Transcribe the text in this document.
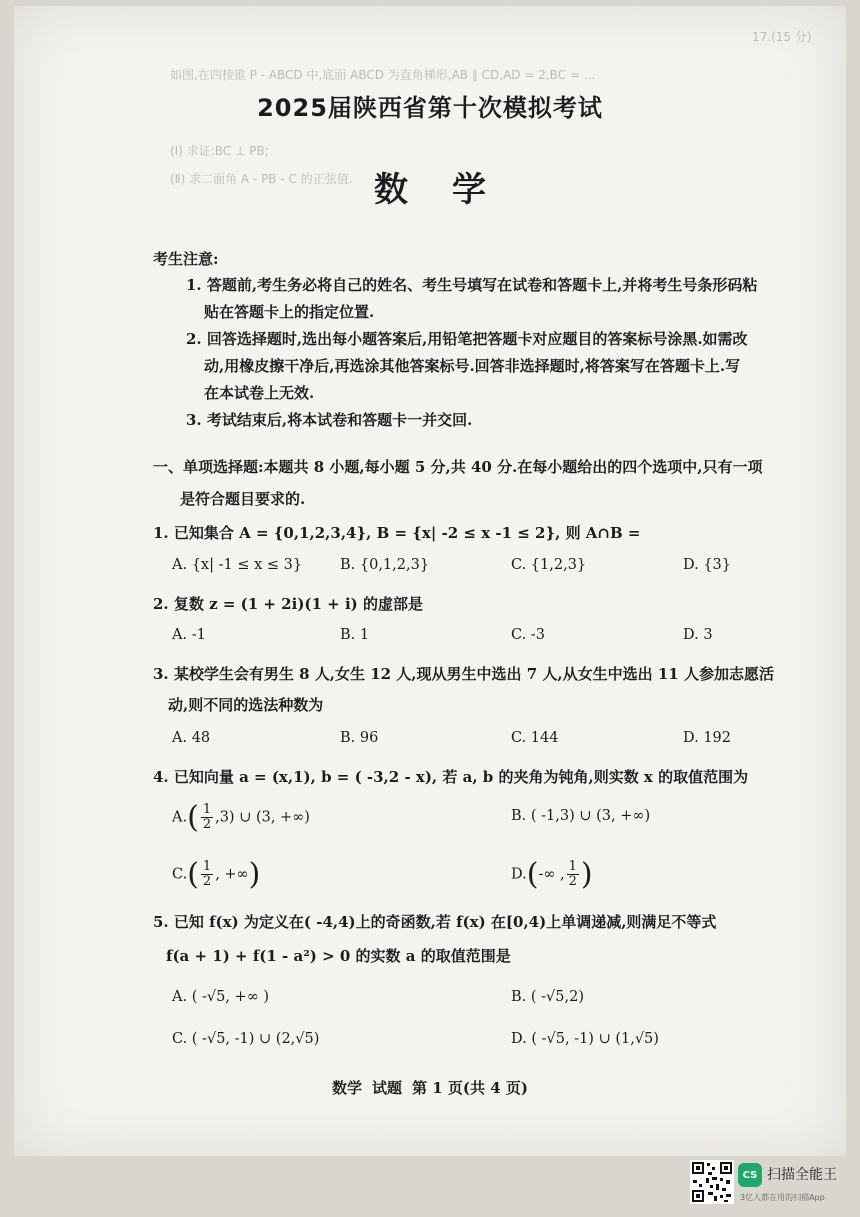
17.(15 分)
如图,在四棱锥 P - ABCD 中,底面 ABCD 为直角梯形,AB ∥ CD,AD = 2,BC = ...
(Ⅰ) 求证:BC ⊥ PB;
(Ⅱ) 求二面角 A - PB - C 的正弦值.
2025届陕西省第十次模拟考试
数 学
考生注意:
1. 答题前,考生务必将自己的姓名、考生号填写在试卷和答题卡上,并将考生号条形码粘
贴在答题卡上的指定位置.
2. 回答选择题时,选出每小题答案后,用铅笔把答题卡对应题目的答案标号涂黑.如需改
动,用橡皮擦干净后,再选涂其他答案标号.回答非选择题时,将答案写在答题卡上.写
在本试卷上无效.
3. 考试结束后,将本试卷和答题卡一并交回.
一、单项选择题:本题共 8 小题,每小题 5 分,共 40 分.在每小题给出的四个选项中,只有一项
是符合题目要求的.
1. 已知集合 A = {0,1,2,3,4}, B = {x| -2 ≤ x -1 ≤ 2}, 则 A∩B =
A. {x| -1 ≤ x ≤ 3}	B. {0,1,2,3}	C. {1,2,3}	D. {3}
2. 复数 z = (1 + 2i)(1 + i) 的虚部是
A. -1	B. 1	C. -3	D. 3
3. 某校学生会有男生 8 人,女生 12 人,现从男生中选出 7 人,从女生中选出 11 人参加志愿活
动,则不同的选法种数为
A. 48	B. 96	C. 144	D. 192
4. 已知向量 a = (x,1), b = ( -3,2 - x), 若 a, b 的夹角为钝角,则实数 x 的取值范围为
$A.( \frac{1}{2} ,3)$ ∪ (3, +∞)	B. ( -1,3) ∪ (3, +∞)
$C.( \frac{1}{2}$ , +∞)	D.(-∞ , $\frac{1}{2}$ )
5. 已知 f(x) 为定义在( -4,4)上的奇函数,若 f(x) 在[0,4)上单调递减,则满足不等式
f(a + 1) + f(1 - a²) > 0 的实数 a 的取值范围是
A. ( -√5, +∞ )	B. ( -√5,2)
C. ( -√5, -1) ∪ (2,√5)	D. ( -√5, -1) ∪ (1,√5)
数学 试题 第 1 页(共 4 页)
CS 扫描全能王
3亿人都在用的扫描App
